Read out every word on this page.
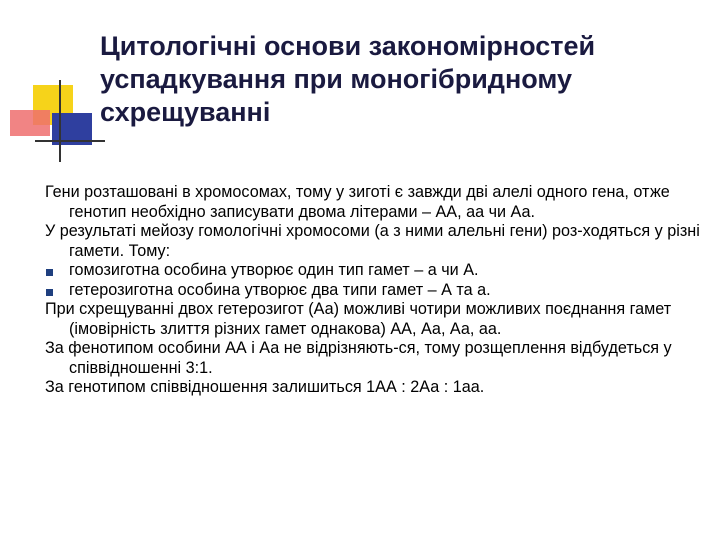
Цитологічні основи закономірностей
успадкування при моногібридному
схрещуванні

Гени розташовані в хромосомах, тому у зиготі є завжди дві алелі одного гена, отже генотип необхідно записувати двома літерами – АА, аа чи Аа.

У результаті мейозу гомологічні хромосоми (а з ними алельні гени) роз-ходяться у різні гамети. Тому:

гомозиготна особина утворює один тип гамет – а чи А.
гетерозиготна особина утворює два типи гамет – А та а.

При схрещуванні двох гетерозигот (Аа) можливі чотири можливих поєднання гамет (імовірність злиття різних гамет однакова) АА, Аа, Аа, аа.

За фенотипом особини АА і Аа не відрізняють-ся, тому розщеплення відбудеться у співвідношенні 3:1.

За генотипом співвідношення залишиться 1АА : 2Аа : 1аа.
